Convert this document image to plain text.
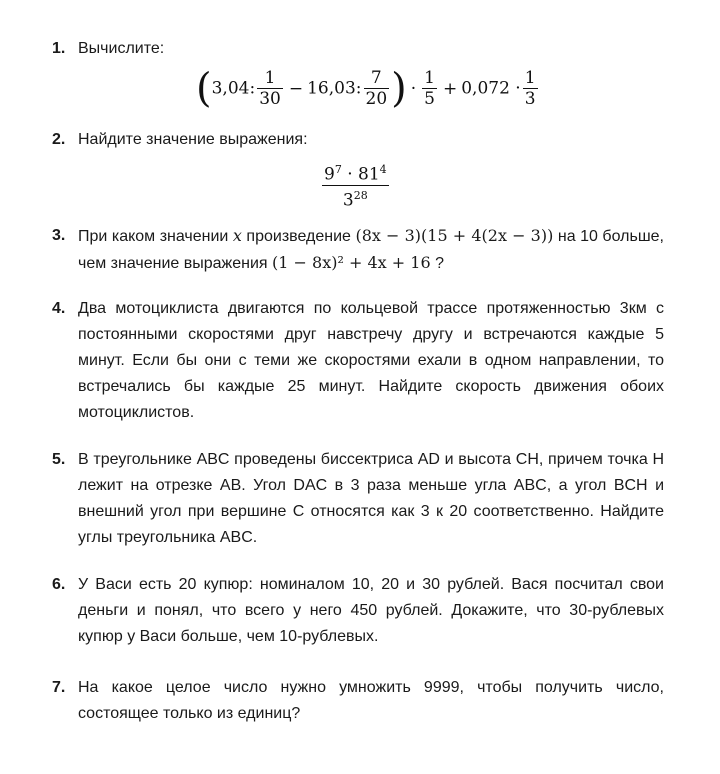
1. Вычислите:
(3,04: $\frac{1}{30} - 16,03$: $\frac{7}{20}$ ) · $\frac{1}{5} + 0,072 \cdot \frac{1}{3}$
2. Найдите значение выражения:
$\frac{9^7 \cdot 81^4}{3^{28}}$
3. При каком значении x произведение (8x − 3)(15 + 4(2x − 3)) на 10 больше, чем значение выражения (1 − 8x)² + 4x + 16 ?
4. Два мотоциклиста двигаются по кольцевой трассе протяженностью 3км с постоянными скоростями друг навстречу другу и встречаются каждые 5 минут. Если бы они с теми же скоростями ехали в одном направлении, то встречались бы каждые 25 минут. Найдите скорость движения обоих мотоциклистов.
5. В треугольнике ABC проведены биссектриса AD и высота CH, причем точка H лежит на отрезке AB. Угол DAC в 3 раза меньше угла ABC, а угол BCH и внешний угол при вершине C относятся как 3 к 20 соответственно. Найдите углы треугольника ABC.
6. У Васи есть 20 купюр: номиналом 10, 20 и 30 рублей. Вася посчитал свои деньги и понял, что всего у него 450 рублей. Докажите, что 30-рублевых купюр у Васи больше, чем 10-рублевых.
7. На какое целое число нужно умножить 9999, чтобы получить число, состоящее только из единиц?
